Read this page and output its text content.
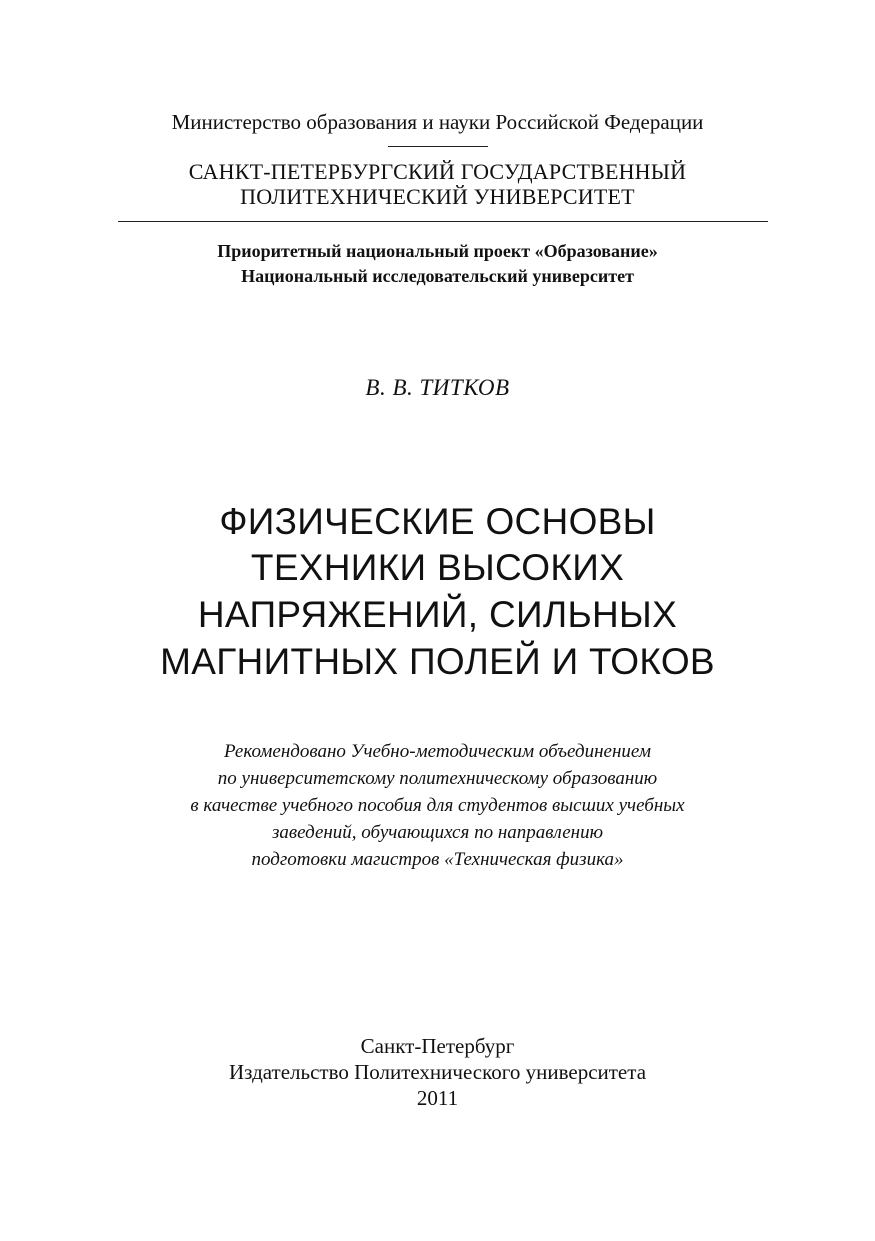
Министерство образования и науки Российской Федерации
САНКТ-ПЕТЕРБУРГСКИЙ ГОСУДАРСТВЕННЫЙ
ПОЛИТЕХНИЧЕСКИЙ УНИВЕРСИТЕТ
Приоритетный национальный проект «Образование»
Национальный исследовательский университет
В. В. ТИТКОВ
ФИЗИЧЕСКИЕ ОСНОВЫ
ТЕХНИКИ ВЫСОКИХ
НАПРЯЖЕНИЙ, СИЛЬНЫХ
МАГНИТНЫХ ПОЛЕЙ И ТОКОВ
Рекомендовано Учебно-методическим объединением
по университетскому политехническому образованию
в качестве учебного пособия для студентов высших учебных
заведений, обучающихся по направлению
подготовки магистров «Техническая физика»
Санкт-Петербург
Издательство Политехнического университета
2011
